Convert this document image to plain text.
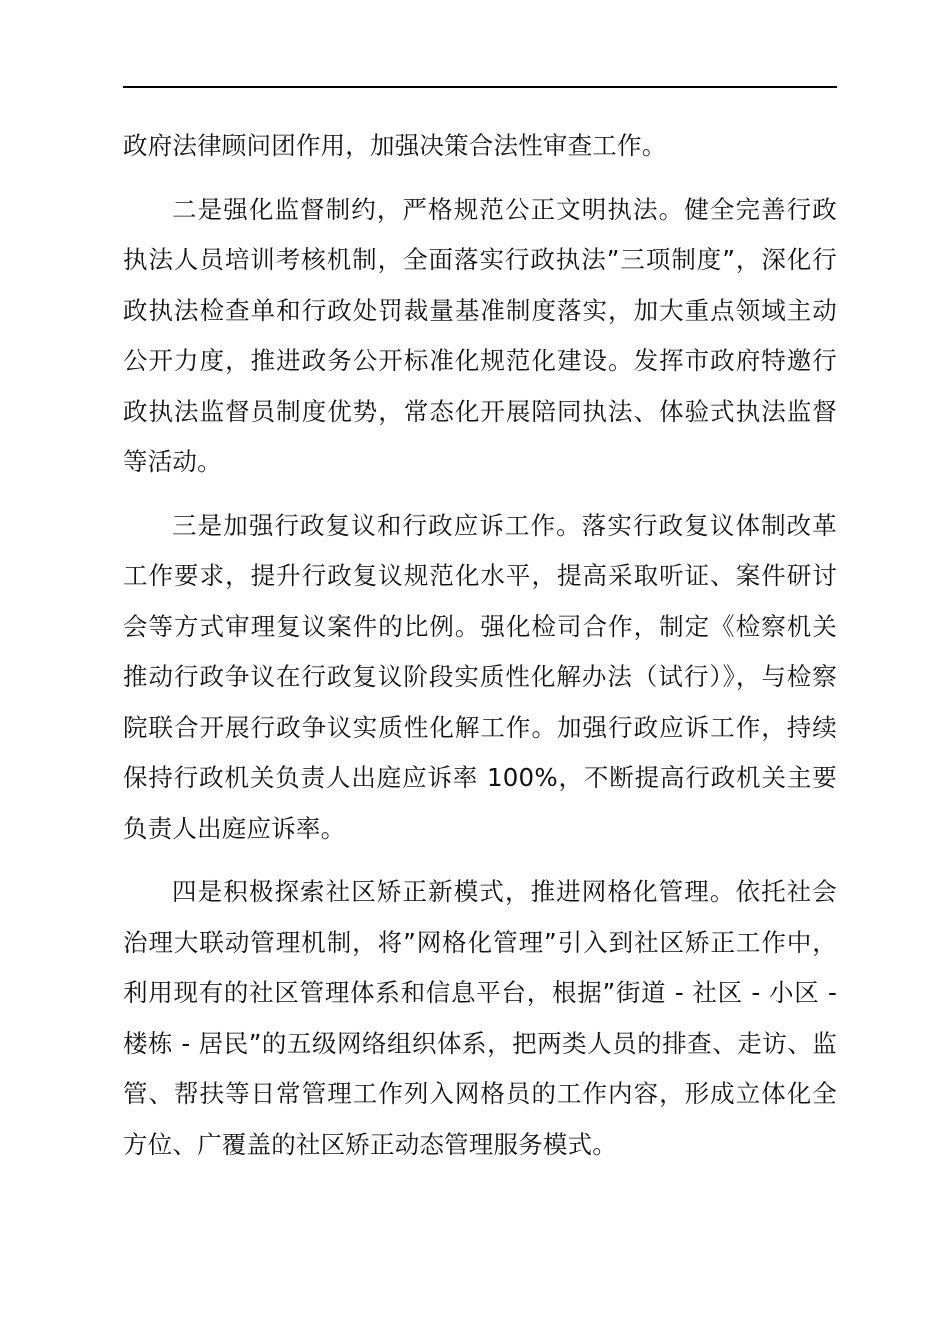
政府法律顾问团作用，加强决策合法性审查工作。

二是强化监督制约，严格规范公正文明执法。健全完善行政执法人员培训考核机制，全面落实行政执法”三项制度”，深化行政执法检查单和行政处罚裁量基准制度落实，加大重点领域主动公开力度，推进政务公开标准化规范化建设。发挥市政府特邀行政执法监督员制度优势，常态化开展陪同执法、体验式执法监督等活动。

三是加强行政复议和行政应诉工作。落实行政复议体制改革工作要求，提升行政复议规范化水平，提高采取听证、案件研讨会等方式审理复议案件的比例。强化检司合作，制定《检察机关推动行政争议在行政复议阶段实质性化解办法（试行）》，与检察院联合开展行政争议实质性化解工作。加强行政应诉工作，持续保持行政机关负责人出庭应诉率 100%，不断提高行政机关主要负责人出庭应诉率。

四是积极探索社区矫正新模式，推进网格化管理。依托社会治理大联动管理机制，将”网格化管理”引入到社区矫正工作中，利用现有的社区管理体系和信息平台，根据”街道 - 社区 - 小区 - 楼栋 - 居民”的五级网络组织体系，把两类人员的排查、走访、监管、帮扶等日常管理工作列入网格员的工作内容，形成立体化全方位、广覆盖的社区矫正动态管理服务模式。
